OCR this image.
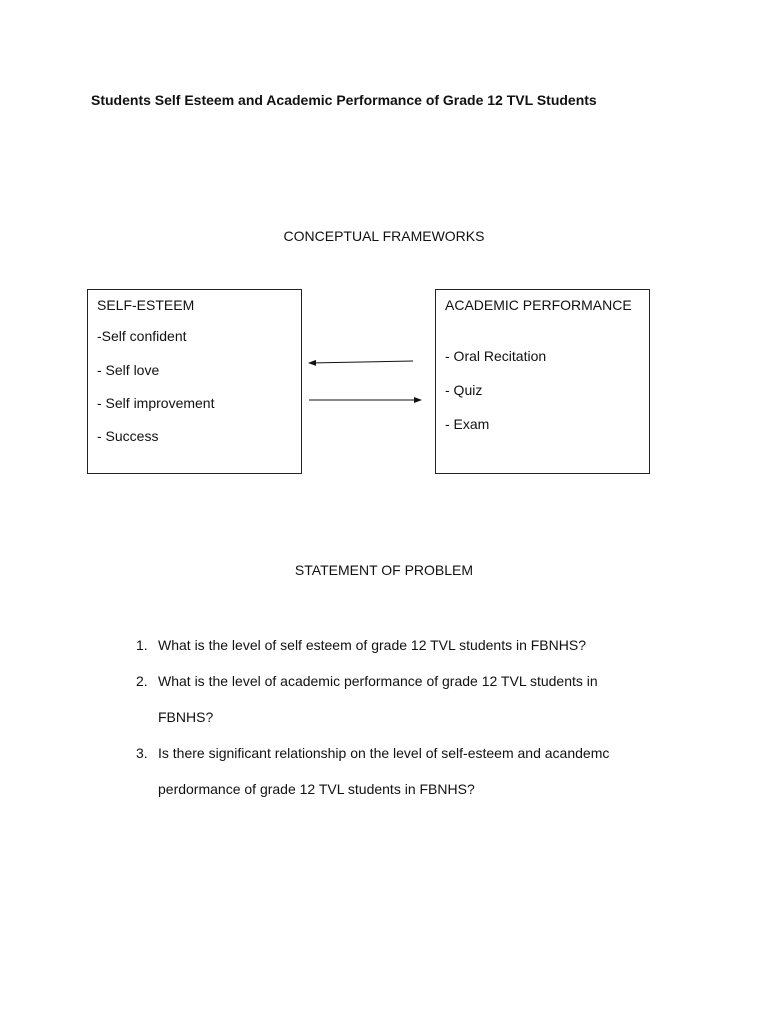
Students Self Esteem and Academic Performance of Grade 12 TVL Students
CONCEPTUAL FRAMEWORKS
SELF-ESTEEM
-Self confident
- Self love
- Self improvement
- Success
ACADEMIC PERFORMANCE
- Oral Recitation
- Quiz
- Exam
STATEMENT OF PROBLEM
1. What is the level of self esteem of grade 12 TVL students in FBNHS?
2. What is the level of academic performance of grade 12 TVL students in
FBNHS?
3. Is there significant relationship on the level of self-esteem and acandemc
perdormance of grade 12 TVL students in FBNHS?
